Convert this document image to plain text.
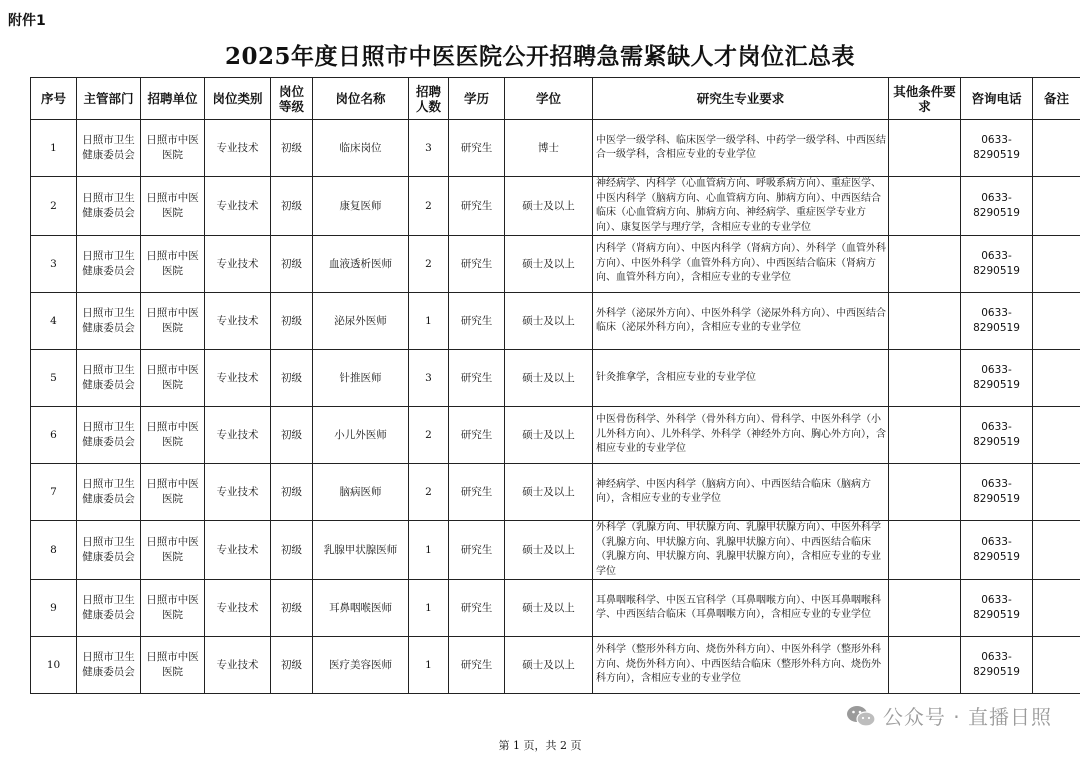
附件1
2025年度日照市中医医院公开招聘急需紧缺人才岗位汇总表
序号	主管部门	招聘单位	岗位类别	岗位等级	岗位名称	招聘人数	学历	学位	研究生专业要求	其他条件要求	咨询电话	备注
1	日照市卫生健康委员会	日照市中医医院	专业技术	初级	临床岗位	3	研究生	博士	中医学一级学科、临床医学一级学科、中药学一级学科、中西医结合一级学科，含相应专业的专业学位		0633-8290519	
2	日照市卫生健康委员会	日照市中医医院	专业技术	初级	康复医师	2	研究生	硕士及以上	神经病学、内科学（心血管病方向、呼吸系病方向）、重症医学、中医内科学（脑病方向、心血管病方向、肺病方向）、中西医结合临床（心血管病方向、肺病方向、神经病学、重症医学专业方向）、康复医学与理疗学，含相应专业的专业学位		0633-8290519	
3	日照市卫生健康委员会	日照市中医医院	专业技术	初级	血液透析医师	2	研究生	硕士及以上	内科学（肾病方向）、中医内科学（肾病方向）、外科学（血管外科方向）、中医外科学（血管外科方向）、中西医结合临床（肾病方向、血管外科方向），含相应专业的专业学位		0633-8290519	
4	日照市卫生健康委员会	日照市中医医院	专业技术	初级	泌尿外医师	1	研究生	硕士及以上	外科学（泌尿外方向）、中医外科学（泌尿外科方向）、中西医结合临床（泌尿外科方向），含相应专业的专业学位		0633-8290519	
5	日照市卫生健康委员会	日照市中医医院	专业技术	初级	针推医师	3	研究生	硕士及以上	针灸推拿学，含相应专业的专业学位		0633-8290519	
6	日照市卫生健康委员会	日照市中医医院	专业技术	初级	小儿外医师	2	研究生	硕士及以上	中医骨伤科学、外科学（骨外科方向）、骨科学、中医外科学（小儿外科方向）、儿外科学、外科学（神经外方向、胸心外方向），含相应专业的专业学位		0633-8290519	
7	日照市卫生健康委员会	日照市中医医院	专业技术	初级	脑病医师	2	研究生	硕士及以上	神经病学、中医内科学（脑病方向）、中西医结合临床（脑病方向），含相应专业的专业学位		0633-8290519	
8	日照市卫生健康委员会	日照市中医医院	专业技术	初级	乳腺甲状腺医师	1	研究生	硕士及以上	外科学（乳腺方向、甲状腺方向、乳腺甲状腺方向）、中医外科学（乳腺方向、甲状腺方向、乳腺甲状腺方向）、中西医结合临床（乳腺方向、甲状腺方向、乳腺甲状腺方向），含相应专业的专业学位		0633-8290519	
9	日照市卫生健康委员会	日照市中医医院	专业技术	初级	耳鼻咽喉医师	1	研究生	硕士及以上	耳鼻咽喉科学、中医五官科学（耳鼻咽喉方向）、中医耳鼻咽喉科学、中西医结合临床（耳鼻咽喉方向），含相应专业的专业学位		0633-8290519	
10	日照市卫生健康委员会	日照市中医医院	专业技术	初级	医疗美容医师	1	研究生	硕士及以上	外科学（整形外科方向、烧伤外科方向）、中医外科学（整形外科方向、烧伤外科方向）、中西医结合临床（整形外科方向、烧伤外科方向），含相应专业的专业学位		0633-8290519	
公众号 · 直播日照
第 1 页，共 2 页
